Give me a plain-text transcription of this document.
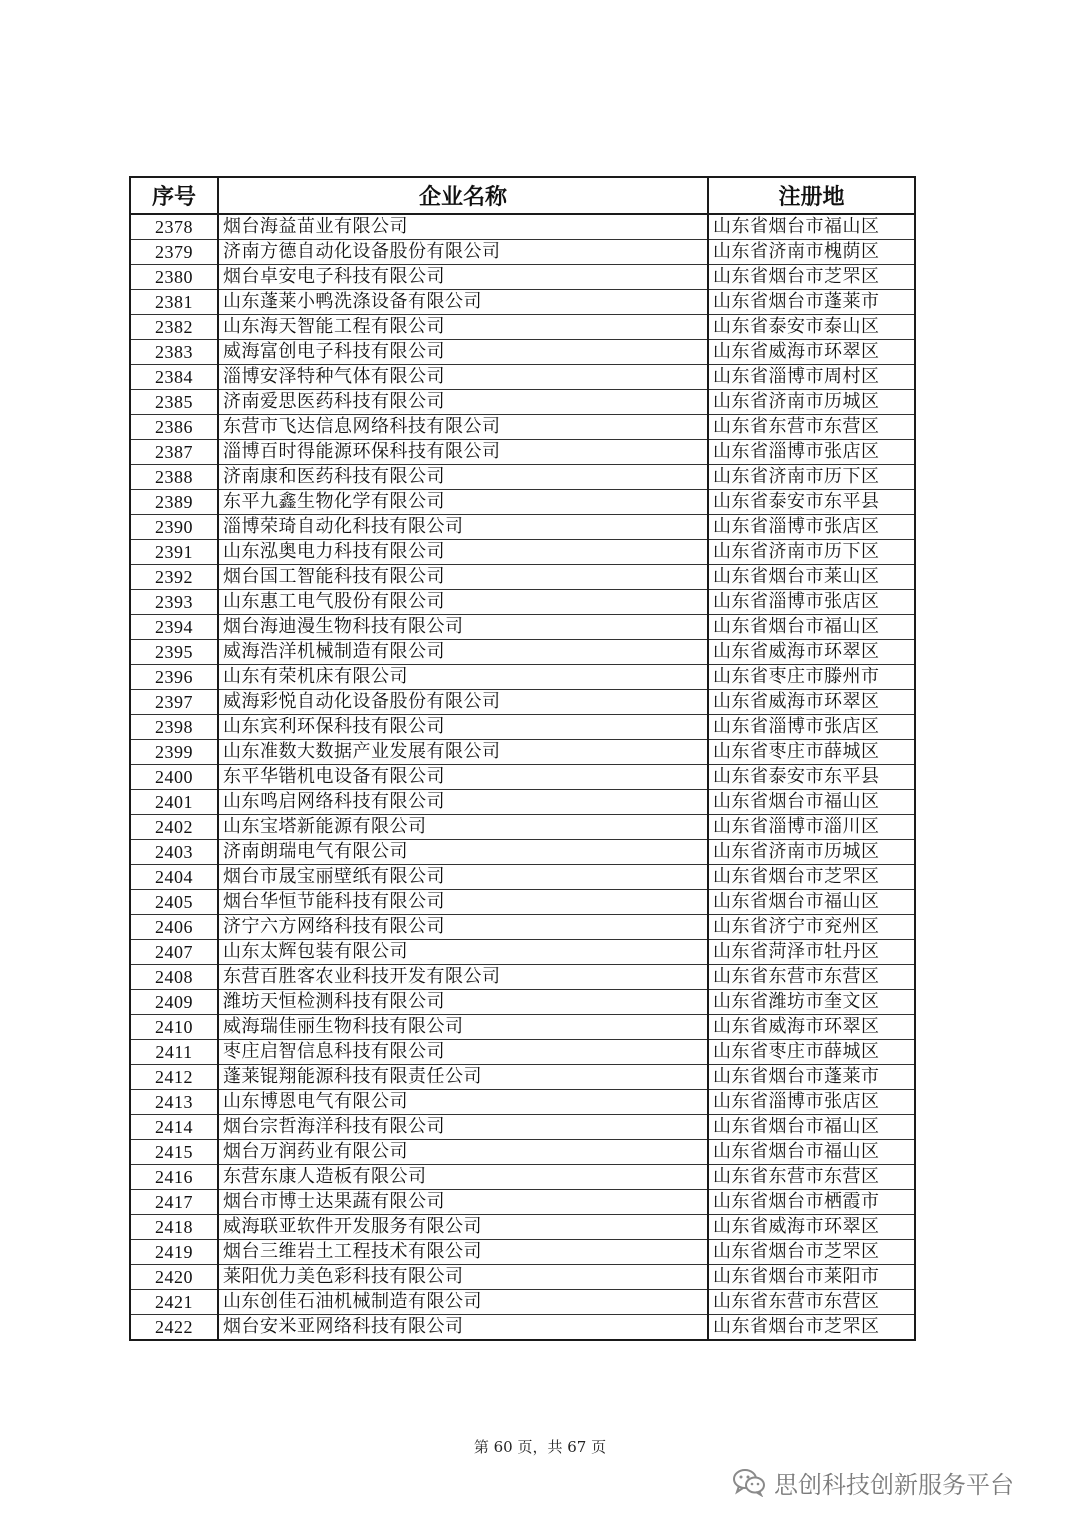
序号	企业名称	注册地
2378	烟台海益苗业有限公司	山东省烟台市福山区
2379	济南方德自动化设备股份有限公司	山东省济南市槐荫区
2380	烟台卓安电子科技有限公司	山东省烟台市芝罘区
2381	山东蓬莱小鸭洗涤设备有限公司	山东省烟台市蓬莱市
2382	山东海天智能工程有限公司	山东省泰安市泰山区
2383	威海富创电子科技有限公司	山东省威海市环翠区
2384	淄博安泽特种气体有限公司	山东省淄博市周村区
2385	济南爱思医药科技有限公司	山东省济南市历城区
2386	东营市飞达信息网络科技有限公司	山东省东营市东营区
2387	淄博百时得能源环保科技有限公司	山东省淄博市张店区
2388	济南康和医药科技有限公司	山东省济南市历下区
2389	东平九鑫生物化学有限公司	山东省泰安市东平县
2390	淄博荣琦自动化科技有限公司	山东省淄博市张店区
2391	山东泓奥电力科技有限公司	山东省济南市历下区
2392	烟台国工智能科技有限公司	山东省烟台市莱山区
2393	山东惠工电气股份有限公司	山东省淄博市张店区
2394	烟台海迪漫生物科技有限公司	山东省烟台市福山区
2395	威海浩洋机械制造有限公司	山东省威海市环翠区
2396	山东有荣机床有限公司	山东省枣庄市滕州市
2397	威海彩悦自动化设备股份有限公司	山东省威海市环翠区
2398	山东宾利环保科技有限公司	山东省淄博市张店区
2399	山东准数大数据产业发展有限公司	山东省枣庄市薛城区
2400	东平华锴机电设备有限公司	山东省泰安市东平县
2401	山东鸣启网络科技有限公司	山东省烟台市福山区
2402	山东宝塔新能源有限公司	山东省淄博市淄川区
2403	济南朗瑞电气有限公司	山东省济南市历城区
2404	烟台市晟宝丽壁纸有限公司	山东省烟台市芝罘区
2405	烟台华恒节能科技有限公司	山东省烟台市福山区
2406	济宁六方网络科技有限公司	山东省济宁市兖州区
2407	山东太辉包装有限公司	山东省菏泽市牡丹区
2408	东营百胜客农业科技开发有限公司	山东省东营市东营区
2409	潍坊天恒检测科技有限公司	山东省潍坊市奎文区
2410	威海瑞佳丽生物科技有限公司	山东省威海市环翠区
2411	枣庄启智信息科技有限公司	山东省枣庄市薛城区
2412	蓬莱锟翔能源科技有限责任公司	山东省烟台市蓬莱市
2413	山东博恩电气有限公司	山东省淄博市张店区
2414	烟台宗哲海洋科技有限公司	山东省烟台市福山区
2415	烟台万润药业有限公司	山东省烟台市福山区
2416	东营东康人造板有限公司	山东省东营市东营区
2417	烟台市博士达果蔬有限公司	山东省烟台市栖霞市
2418	威海联亚软件开发服务有限公司	山东省威海市环翠区
2419	烟台三维岩土工程技术有限公司	山东省烟台市芝罘区
2420	莱阳优力美色彩科技有限公司	山东省烟台市莱阳市
2421	山东创佳石油机械制造有限公司	山东省东营市东营区
2422	烟台安米亚网络科技有限公司	山东省烟台市芝罘区
第 60 页，共 67 页
思创科技创新服务平台
